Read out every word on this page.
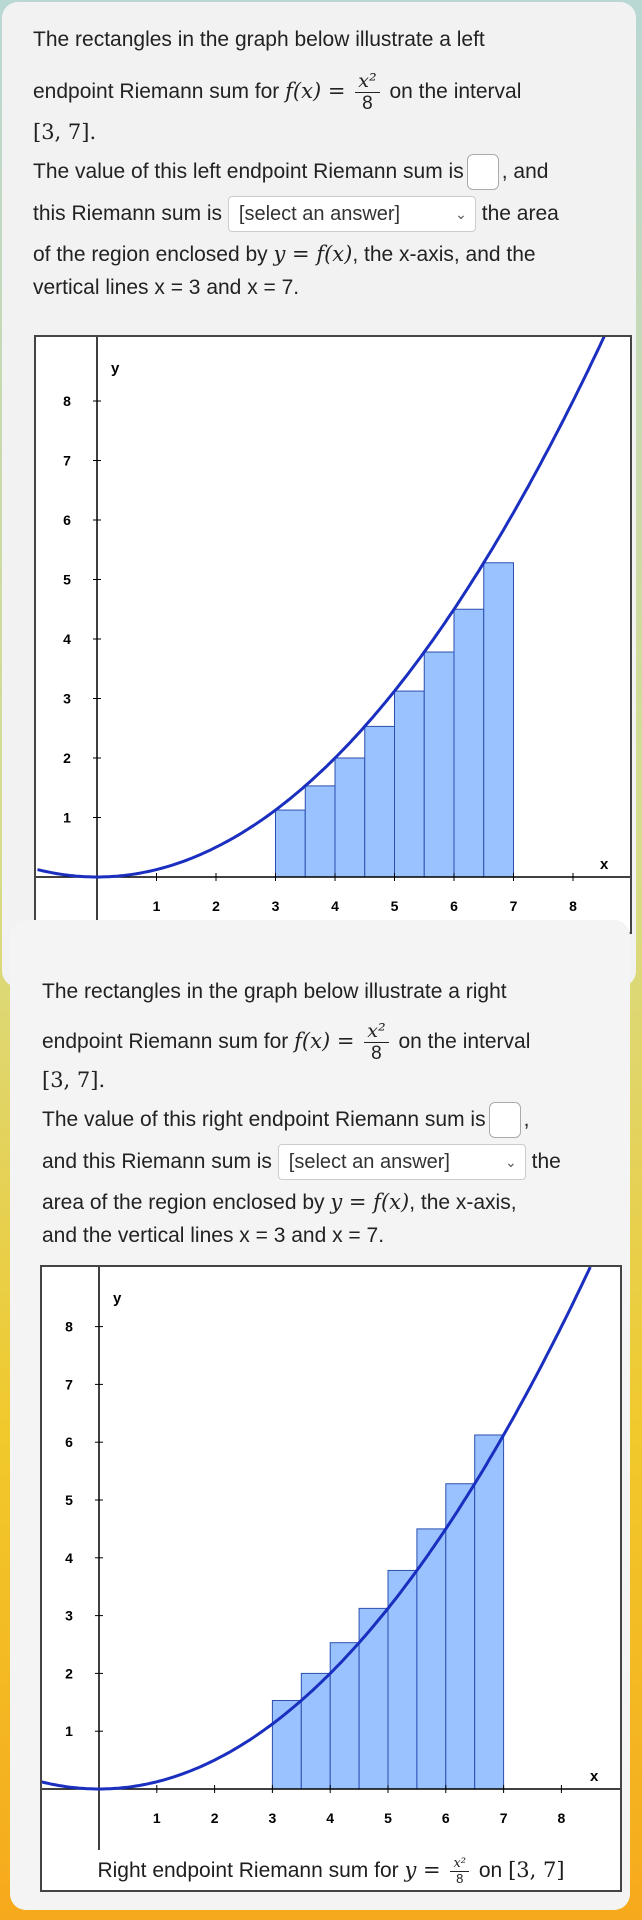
The rectangles in the graph below illustrate a left
endpoint Riemann sum for $f(x) = \frac{\text{x²}}{8}$ on the interval
[3, 7].
The value of this left endpoint Riemann sum is , and
this Riemann sum is [select an answer]	⌄ the area
of the region enclosed by y = f(x), the x-axis, and the
vertical lines x = 3 and x = 7.
1	2	3	4	5	6	7	8
1
2
3
4
5
6
7
8
y
x
The rectangles in the graph below illustrate a right
endpoint Riemann sum for $f(x) = \frac{\text{x²}}{8}$ on the interval
[3, 7].
The value of this right endpoint Riemann sum is ,
and this Riemann sum is [select an answer]	⌄ the
area of the region enclosed by y = f(x), the x-axis,
and the vertical lines x = 3 and x = 7.
1	2	3	4	5	6	7	8
1
2
3
4
5
6
7
8
y
x
Right endpoint Riemann sum for $y = \frac{\text{x²}}{8}$ on [3, 7]
